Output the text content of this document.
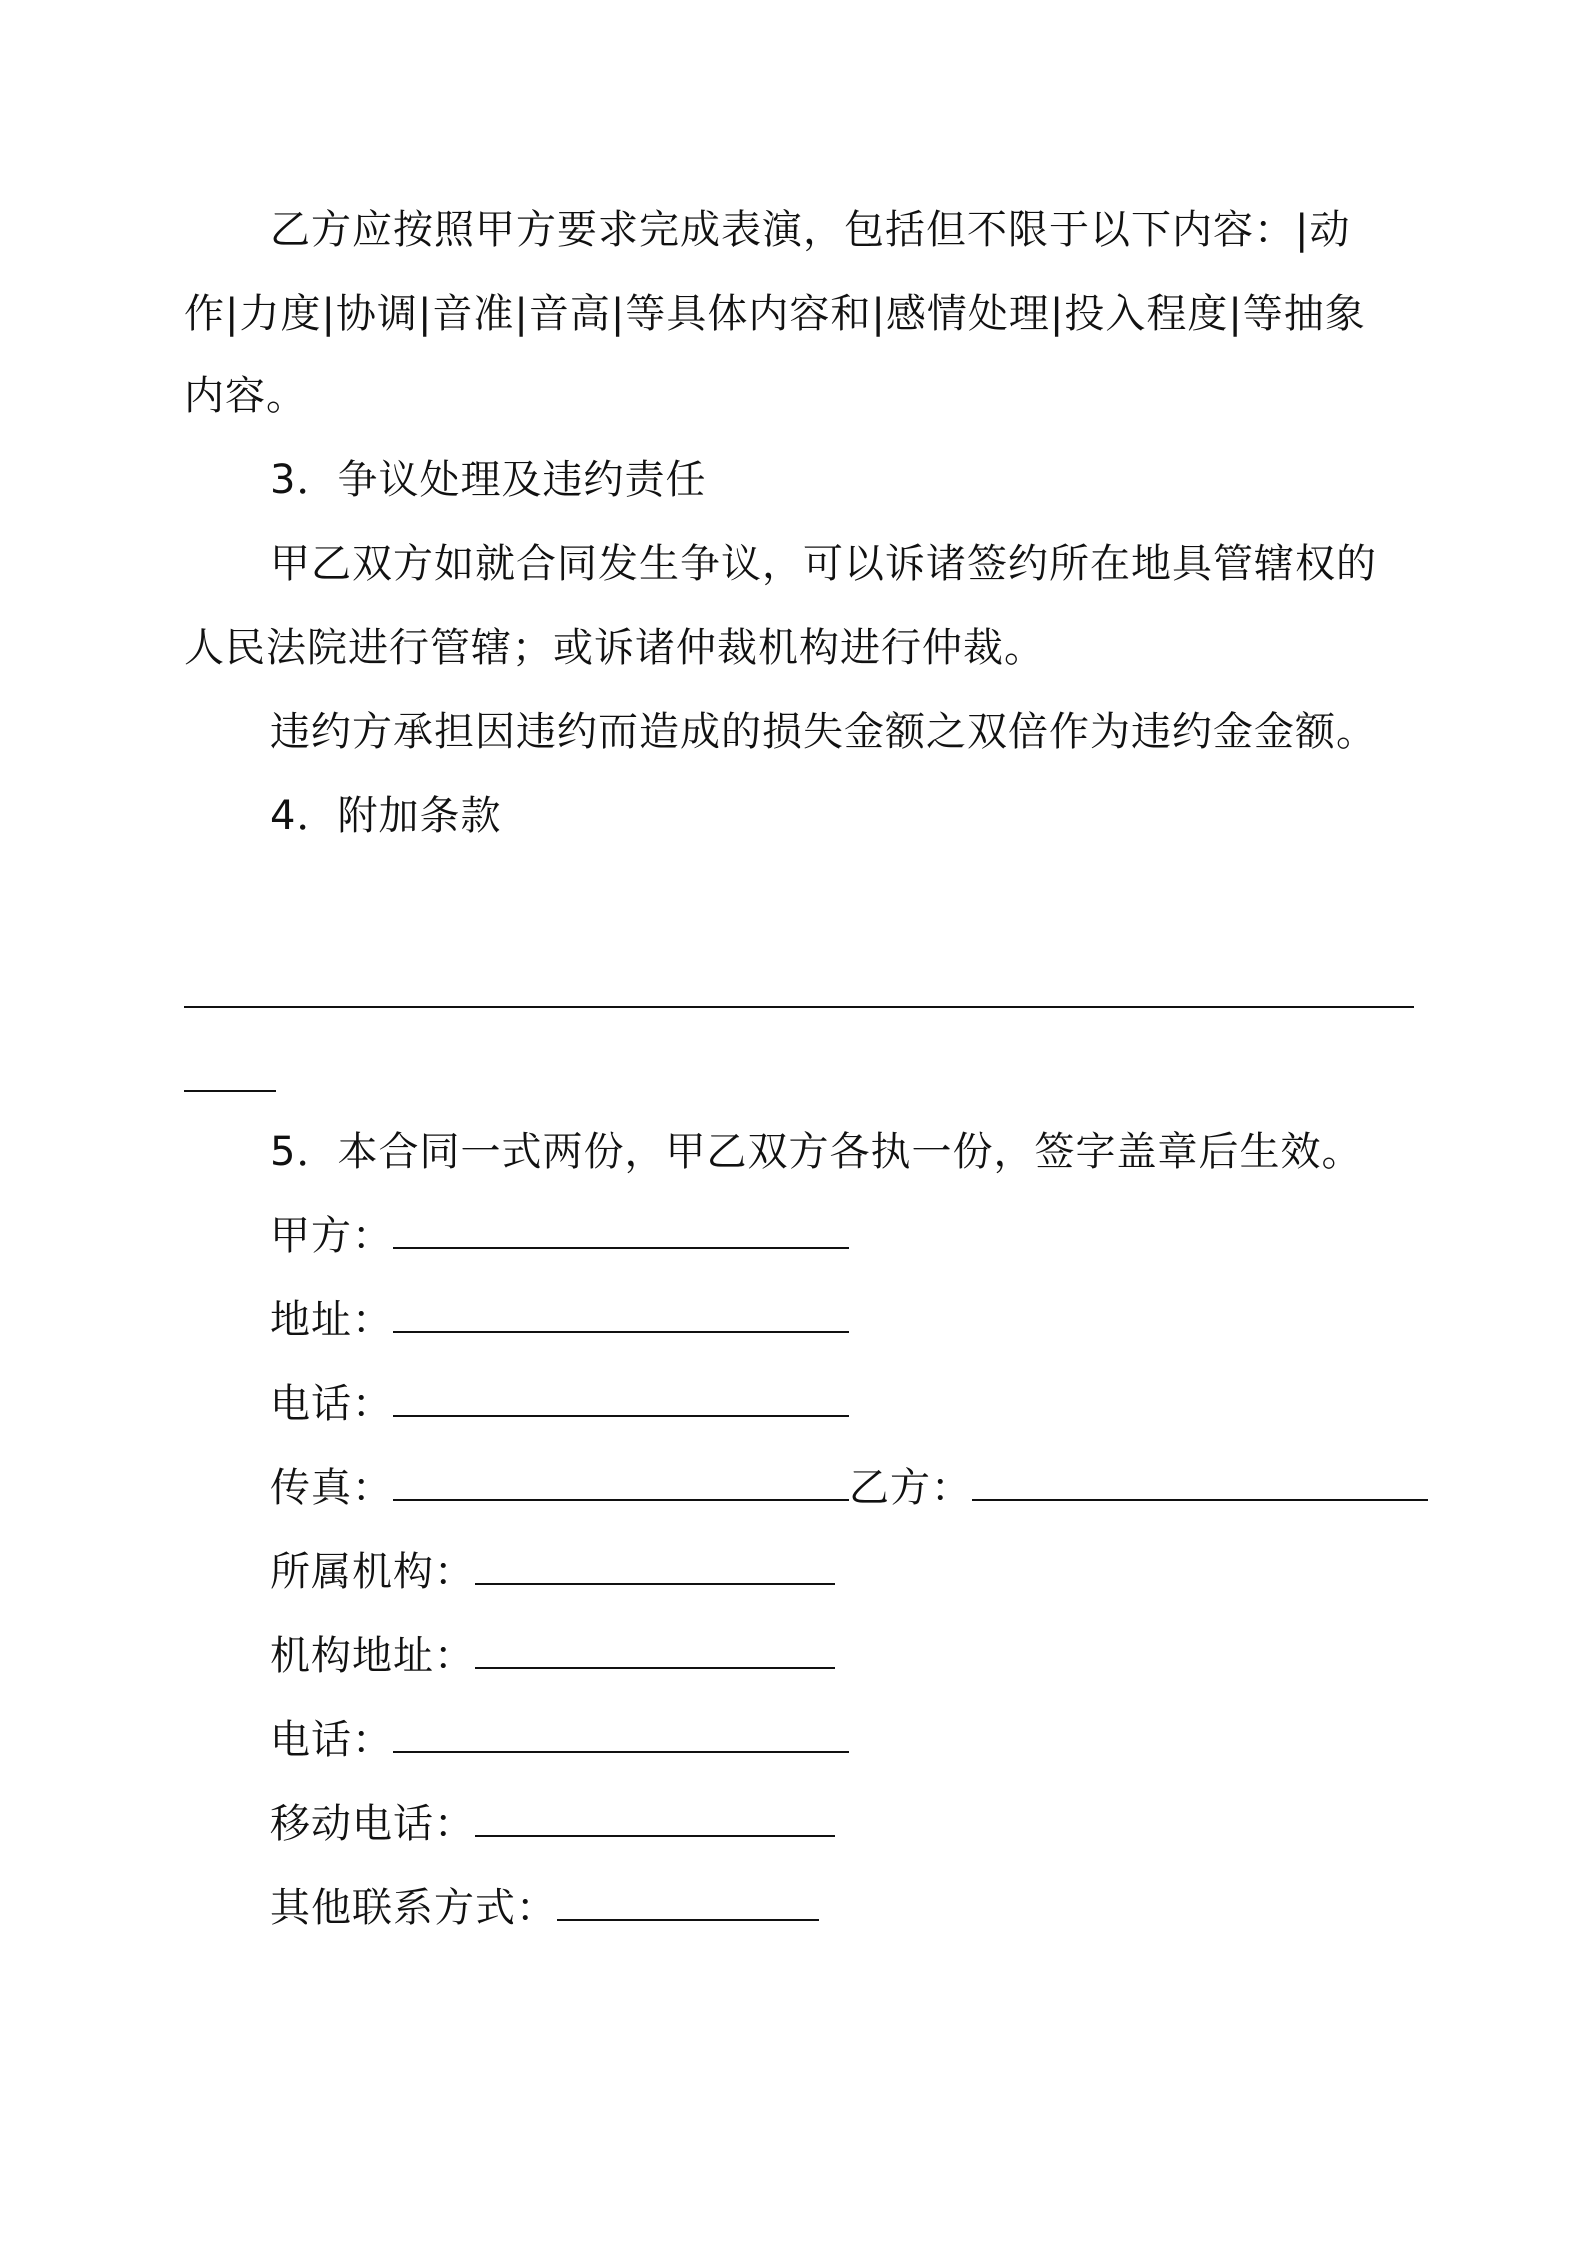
乙方应按照甲方要求完成表演，包括但不限于以下内容：|动
作|力度|协调|音准|音高|等具体内容和|感情处理|投入程度|等抽象
内容。
3．争议处理及违约责任
甲乙双方如就合同发生争议，可以诉诸签约所在地具管辖权的
人民法院进行管辖；或诉诸仲裁机构进行仲裁。
违约方承担因违约而造成的损失金额之双倍作为违约金金额。
4．附加条款
5．本合同一式两份，甲乙双方各执一份，签字盖章后生效。
甲方：
地址：
电话：
传真：	乙方：
所属机构：
机构地址：
电话：
移动电话：
其他联系方式：
